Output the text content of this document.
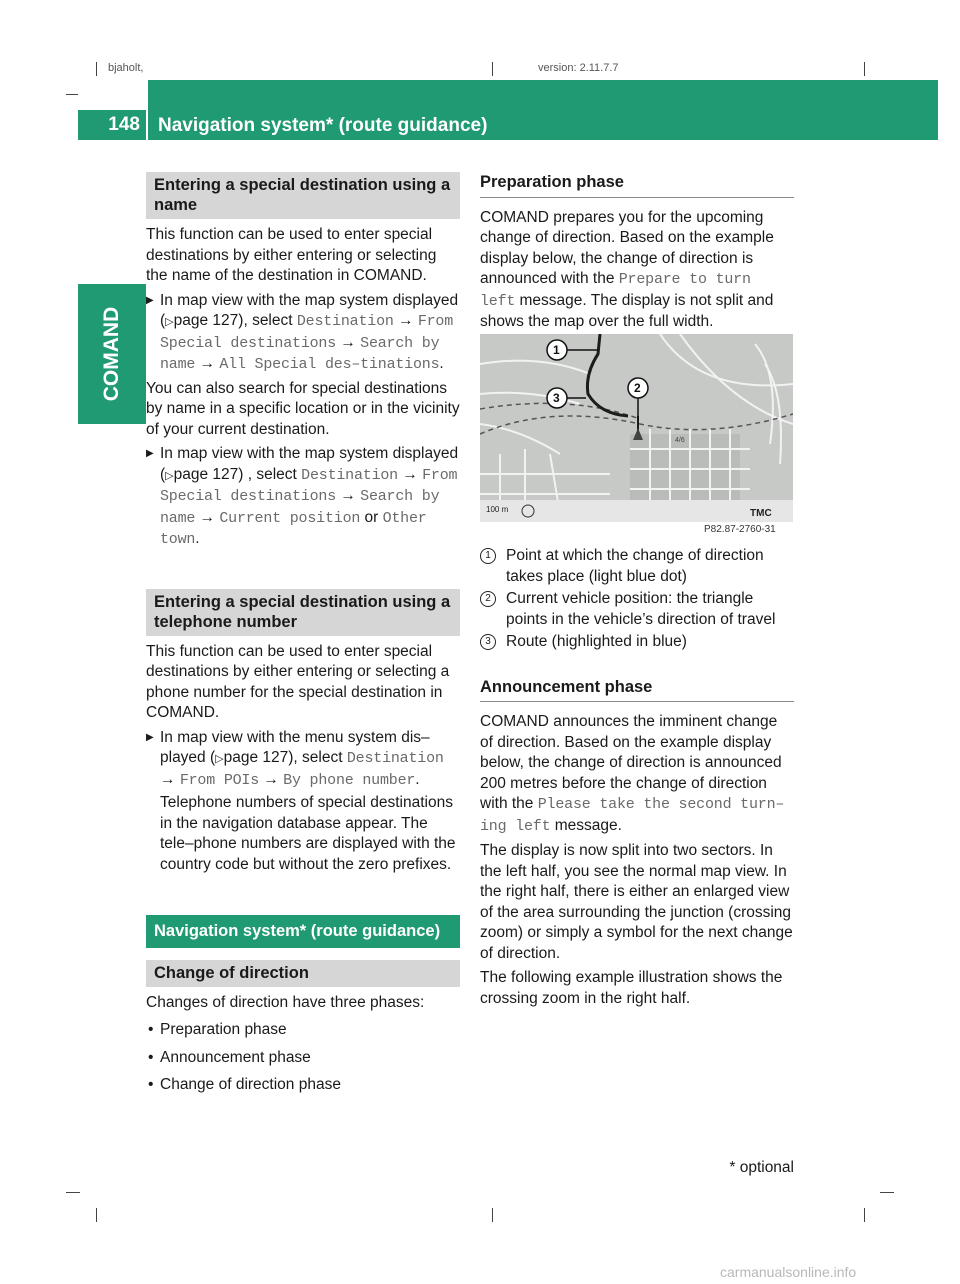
bjaholt,	version: 2.11.7.7
148 Navigation system* (route guidance)
COMAND
Entering a special destination using a name

This function can be used to enter special destinations by either entering or selecting the name of the destination in COMAND.

▶ In map view with the map system displayed (▷page 127), select Destination → From Special destinations → Search by name → All Special des–tinations.

You can also search for special destinations by name in a specific location or in the vicinity of your current destination.

▶ In map view with the map system displayed (▷page 127) , select Destination → From Special destinations → Search by name → Current position or Other town.
Entering a special destination using a telephone number

This function can be used to enter special destinations by either entering or selecting a phone number for the special destination in COMAND.

▶ In map view with the menu system dis–played (▷page 127), select Destination → From POIs → By phone number.

Telephone numbers of special destinations in the navigation database appear. The tele–phone numbers are displayed with the country code but without the zero prefixes.

Navigation system* (route guidance)
Change of direction

Changes of direction have three phases:

• Preparation phase
• Announcement phase
• Change of direction phase
Preparation phase

COMAND prepares you for the upcoming change of direction. Based on the example display below, the change of direction is announced with the Prepare to turn left message. The display is not split and shows the map over the full width.

1
2
3
4/6
100 m	TMC
P82.87-2760-31
1 Point at which the change of direction takes place (light blue dot)
2 Current vehicle position: the triangle points in the vehicle’s direction of travel
3 Route (highlighted in blue)
Announcement phase

COMAND announces the imminent change of direction. Based on the example display below, the change of direction is announced 200 metres before the change of direction with the Please take the second turn–ing left message.

The display is now split into two sectors. In the left half, you see the normal map view. In the right half, there is either an enlarged view of the area surrounding the junction (crossing zoom) or simply a symbol for the next change of direction.

The following example illustration shows the crossing zoom in the right half.

* optional
carmanualsonline.info
